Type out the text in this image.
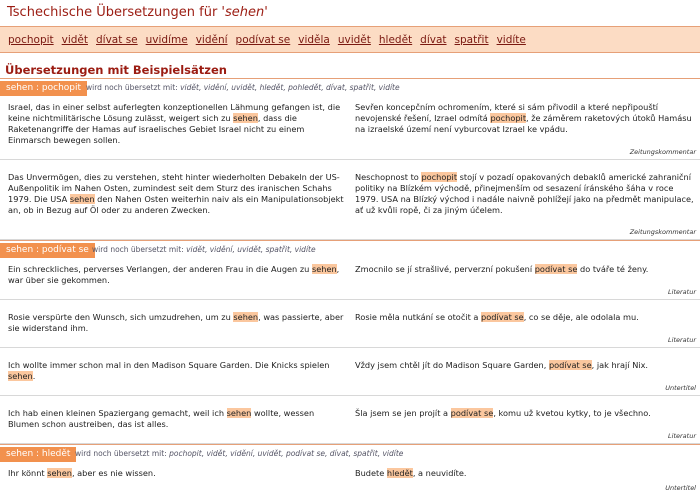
Tschechische Übersetzungen für 'sehen'
pochopit vidět dívat se uvidíme vidění podívat se viděla uvidět hledět dívat spatřit vidíte
Übersetzungen mit Beispielsätzen
sehen : pochopit wird noch übersetzt mit: vidět, vidění, uvidět, hledět, pohledět, dívat, spatřit, vidíte
Israel, das in einer selbst auferlegten konzeptionellen Lähmung gefangen ist, die keine nichtmilitärische Lösung zulässt, weigert sich zu sehen, dass die Raketenangriffe der Hamas auf israelisches Gebiet Israel nicht zu einem Einmarsch bewegen sollen.
Sevřen koncepčním ochromením, které si sám přivodil a které nepřipouští nevojenské řešení, Izrael odmítá pochopit, že záměrem raketových útoků Hamásu na izraelské území není vyburcovat Izrael ke vpádu.
Zeitungskommentar
Das Unvermögen, dies zu verstehen, steht hinter wiederholten Debakeln der US-Außenpolitik im Nahen Osten, zumindest seit dem Sturz des iranischen Schahs 1979. Die USA sehen den Nahen Osten weiterhin naiv als ein Manipulationsobjekt an, ob in Bezug auf Öl oder zu anderen Zwecken.
Neschopnost to pochopit stojí v pozadí opakovaných debaklů americké zahraniční politiky na Blízkém východě, přinejmenším od sesazení íránského šáha v roce 1979. USA na Blízký východ i nadále naivně pohlížejí jako na předmět manipulace, ať už kvůli ropě, či za jiným účelem.
Zeitungskommentar
sehen : podívat se wird noch übersetzt mit: vidět, vidění, uvidět, spatřit, vidíte
Ein schreckliches, perverses Verlangen, der anderen Frau in die Augen zu sehen, war über sie gekommen.
Zmocnilo se jí strašlivé, perverzní pokušení podívat se do tváře té ženy.
Literatur
Rosie verspürte den Wunsch, sich umzudrehen, um zu sehen, was passierte, aber sie widerstand ihm.
Rosie měla nutkání se otočit a podívat se, co se děje, ale odolala mu.
Literatur
Ich wollte immer schon mal in den Madison Square Garden. Die Knicks spielen sehen.
Vždy jsem chtěl jít do Madison Square Garden, podívat se, jak hrají Nix.
Untertitel
Ich hab einen kleinen Spaziergang gemacht, weil ich sehen wollte, wessen Blumen schon austreiben, das ist alles.
Šla jsem se jen projít a podívat se, komu už kvetou kytky, to je všechno.
Literatur
sehen : hledět wird noch übersetzt mit: pochopit, vidět, vidění, uvidět, podívat se, dívat, spatřit, vidíte
Ihr könnt sehen, aber es nie wissen.	Budete hledět, a neuvidíte.
Untertitel
